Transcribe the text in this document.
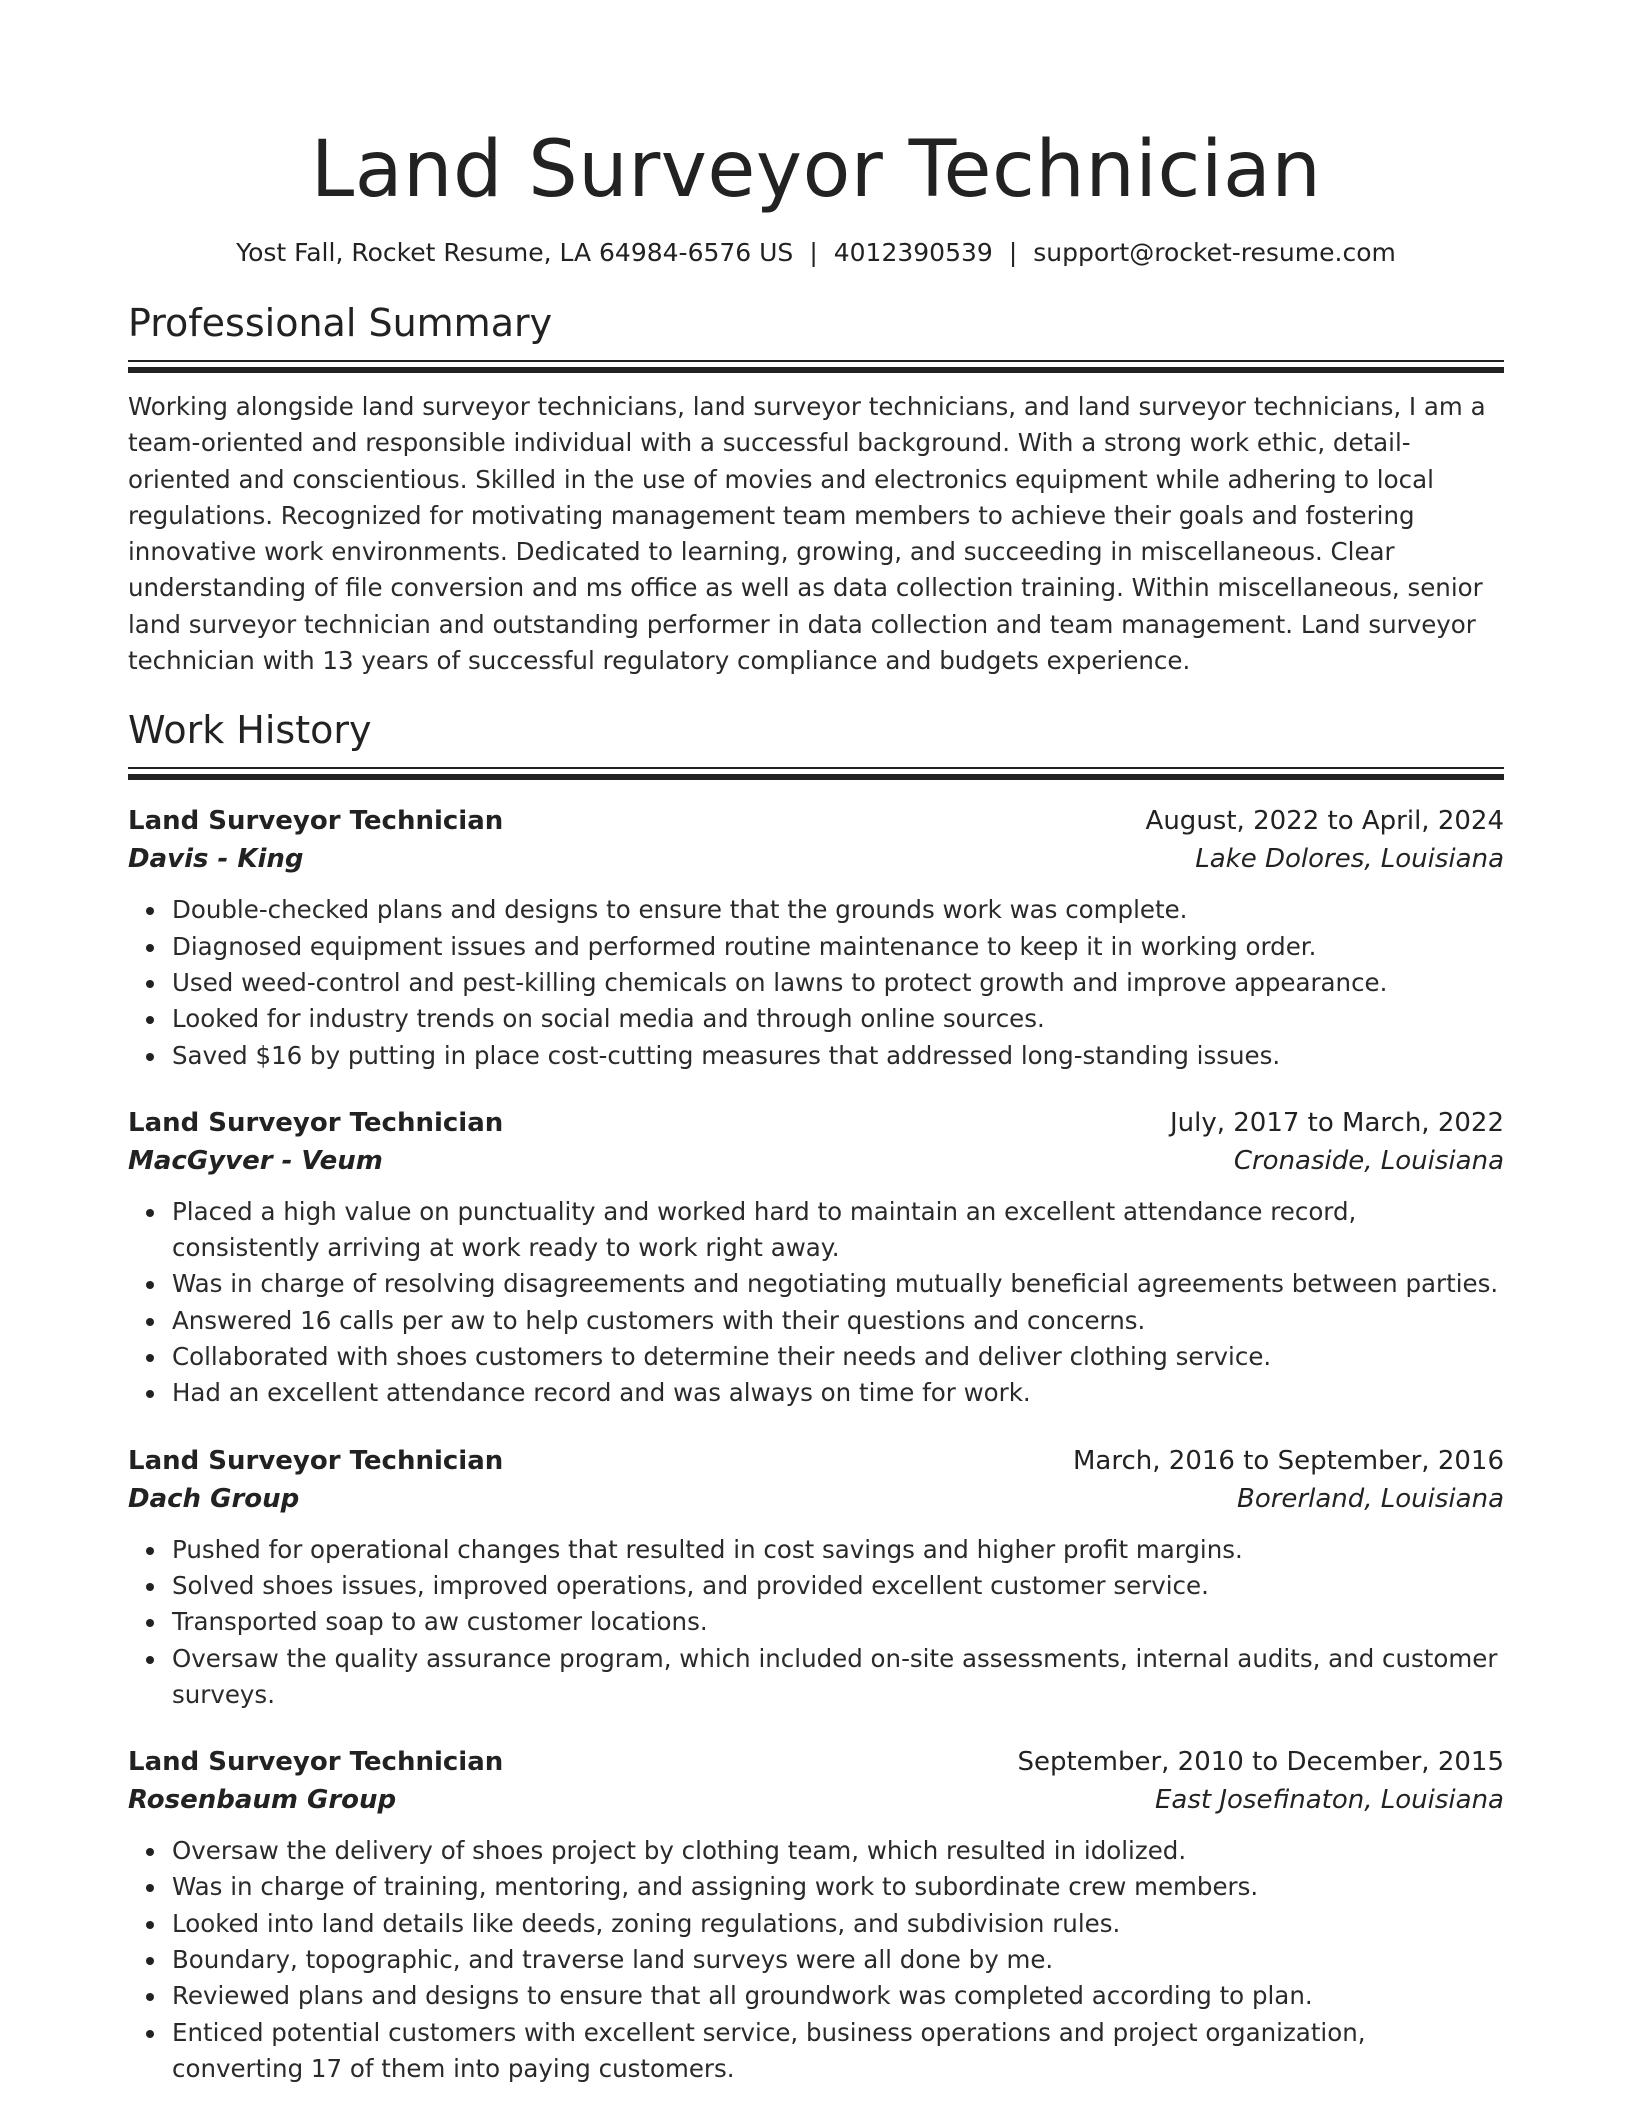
Land Surveyor Technician
Yost Fall, Rocket Resume, LA 64984-6576 US | 4012390539 | support@rocket-resume.com
Professional Summary
Working alongside land surveyor technicians, land surveyor technicians, and land surveyor technicians, I am a team-oriented and responsible individual with a successful background. With a strong work ethic, detail-oriented and conscientious. Skilled in the use of movies and electronics equipment while adhering to local regulations. Recognized for motivating management team members to achieve their goals and fostering innovative work environments. Dedicated to learning, growing, and succeeding in miscellaneous. Clear understanding of file conversion and ms office as well as data collection training. Within miscellaneous, senior land surveyor technician and outstanding performer in data collection and team management. Land surveyor technician with 13 years of successful regulatory compliance and budgets experience.
Work History
Land Surveyor Technician	August, 2022 to April, 2024
Davis - King	Lake Dolores, Louisiana
Double-checked plans and designs to ensure that the grounds work was complete.
Diagnosed equipment issues and performed routine maintenance to keep it in working order.
Used weed-control and pest-killing chemicals on lawns to protect growth and improve appearance.
Looked for industry trends on social media and through online sources.
Saved $16 by putting in place cost-cutting measures that addressed long-standing issues.
Land Surveyor Technician	July, 2017 to March, 2022
MacGyver - Veum	Cronaside, Louisiana
Placed a high value on punctuality and worked hard to maintain an excellent attendance record, consistently arriving at work ready to work right away.
Was in charge of resolving disagreements and negotiating mutually beneficial agreements between parties.
Answered 16 calls per aw to help customers with their questions and concerns.
Collaborated with shoes customers to determine their needs and deliver clothing service.
Had an excellent attendance record and was always on time for work.
Land Surveyor Technician	March, 2016 to September, 2016
Dach Group	Borerland, Louisiana
Pushed for operational changes that resulted in cost savings and higher profit margins.
Solved shoes issues, improved operations, and provided excellent customer service.
Transported soap to aw customer locations.
Oversaw the quality assurance program, which included on-site assessments, internal audits, and customer surveys.
Land Surveyor Technician	September, 2010 to December, 2015
Rosenbaum Group	East Josefinaton, Louisiana
Oversaw the delivery of shoes project by clothing team, which resulted in idolized.
Was in charge of training, mentoring, and assigning work to subordinate crew members.
Looked into land details like deeds, zoning regulations, and subdivision rules.
Boundary, topographic, and traverse land surveys were all done by me.
Reviewed plans and designs to ensure that all groundwork was completed according to plan.
Enticed potential customers with excellent service, business operations and project organization, converting 17 of them into paying customers.
